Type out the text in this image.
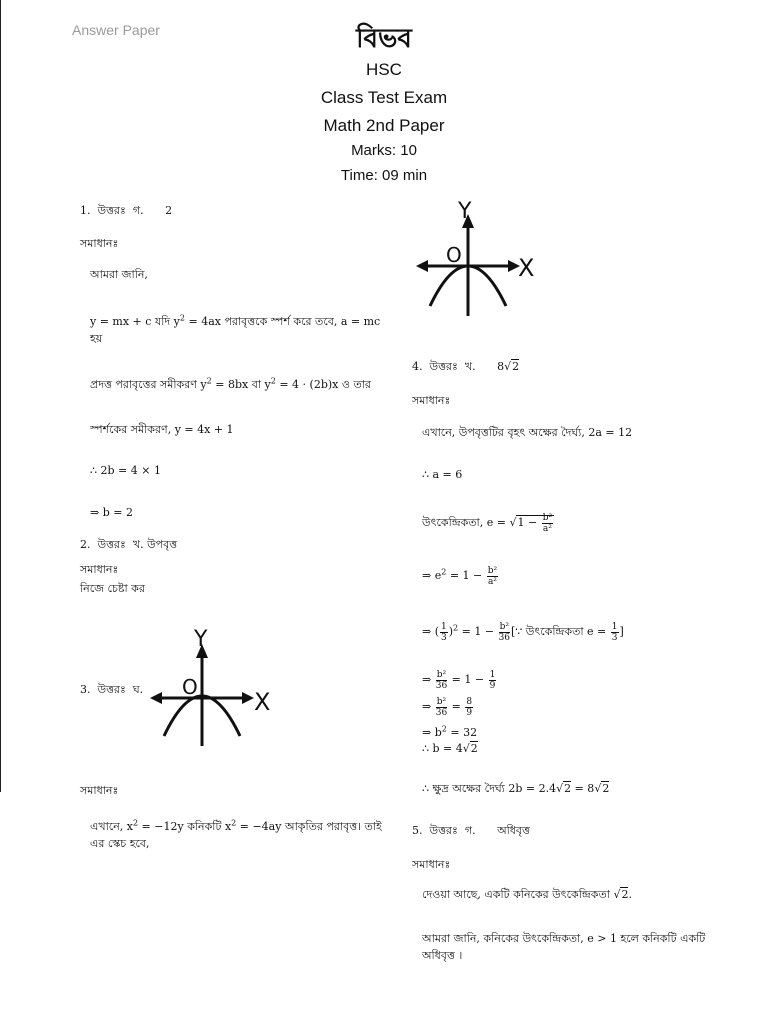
Answer Paper	বিভব
HSC
Class Test Exam
Math 2nd Paper
Marks: 10
Time: 09 min
1. উত্তরঃ গ. 2
সমাধানঃ
আমরা জানি,
y = mx + c যদি $y^2 = 4ax$ পরাবৃত্তকে স্পর্শ করে তবে, a = mc
হয়
প্রদত্ত পরাবৃত্তের সমীকরণ $y^2 = 8bx$ বা $y^2 = 4 \cdot (2b)x$ ও তার
স্পর্শকের সমীকরণ, y = 4x + 1
∴ 2b = 4 × 1
⇒ b = 2
2. উত্তরঃ খ. উপবৃত্ত
সমাধানঃ
নিজে চেষ্টা কর
3. উত্তরঃ ঘ.
Y
O
X
সমাধানঃ
এখানে, $x^2 = -12y$ কনিকটি $x^2 = -4ay$ আকৃতির পরাবৃত্ত। তাই
এর স্কেচ হবে,
Y
O X
4. উত্তরঃ খ. 8√2
সমাধানঃ
এখানে, উপবৃত্তটির বৃহৎ অক্ষের দৈর্ঘ্য, 2a = 12
∴ a = 6
উৎকেন্দ্রিকতা, $e = √1 - \frac{\text{b²}}{\text{a²}}$
⇒ $e^2 = 1 - \frac{\text{b²}}{\text{a²}}$
⇒ ( $\frac{1}{3} )^2 = 1 - \frac{\text{b²}}{36}$ [∵ উৎকেন্দ্রিকতা $e = \frac{1}{3}$ ]
⇒ $\frac{\text{b²}}{36} = 1 - \frac{1}{9}$
⇒ $\frac{\text{b²}}{36} = \frac{8}{9}$
⇒ $b^2 = 32$
∴ b = 4√2
∴ ক্ষুদ্র অক্ষের দৈর্ঘ্য 2b = 2.4√2 = 8√2
5. উত্তরঃ গ. অধিবৃত্ত
সমাধানঃ
দেওয়া আছে, একটি কনিকের উৎকেন্দ্রিকতা √2.
আমরা জানি, কনিকের উৎকেন্দ্রিকতা, e > 1 হলে কনিকটি একটি
অধিবৃত্ত ।
